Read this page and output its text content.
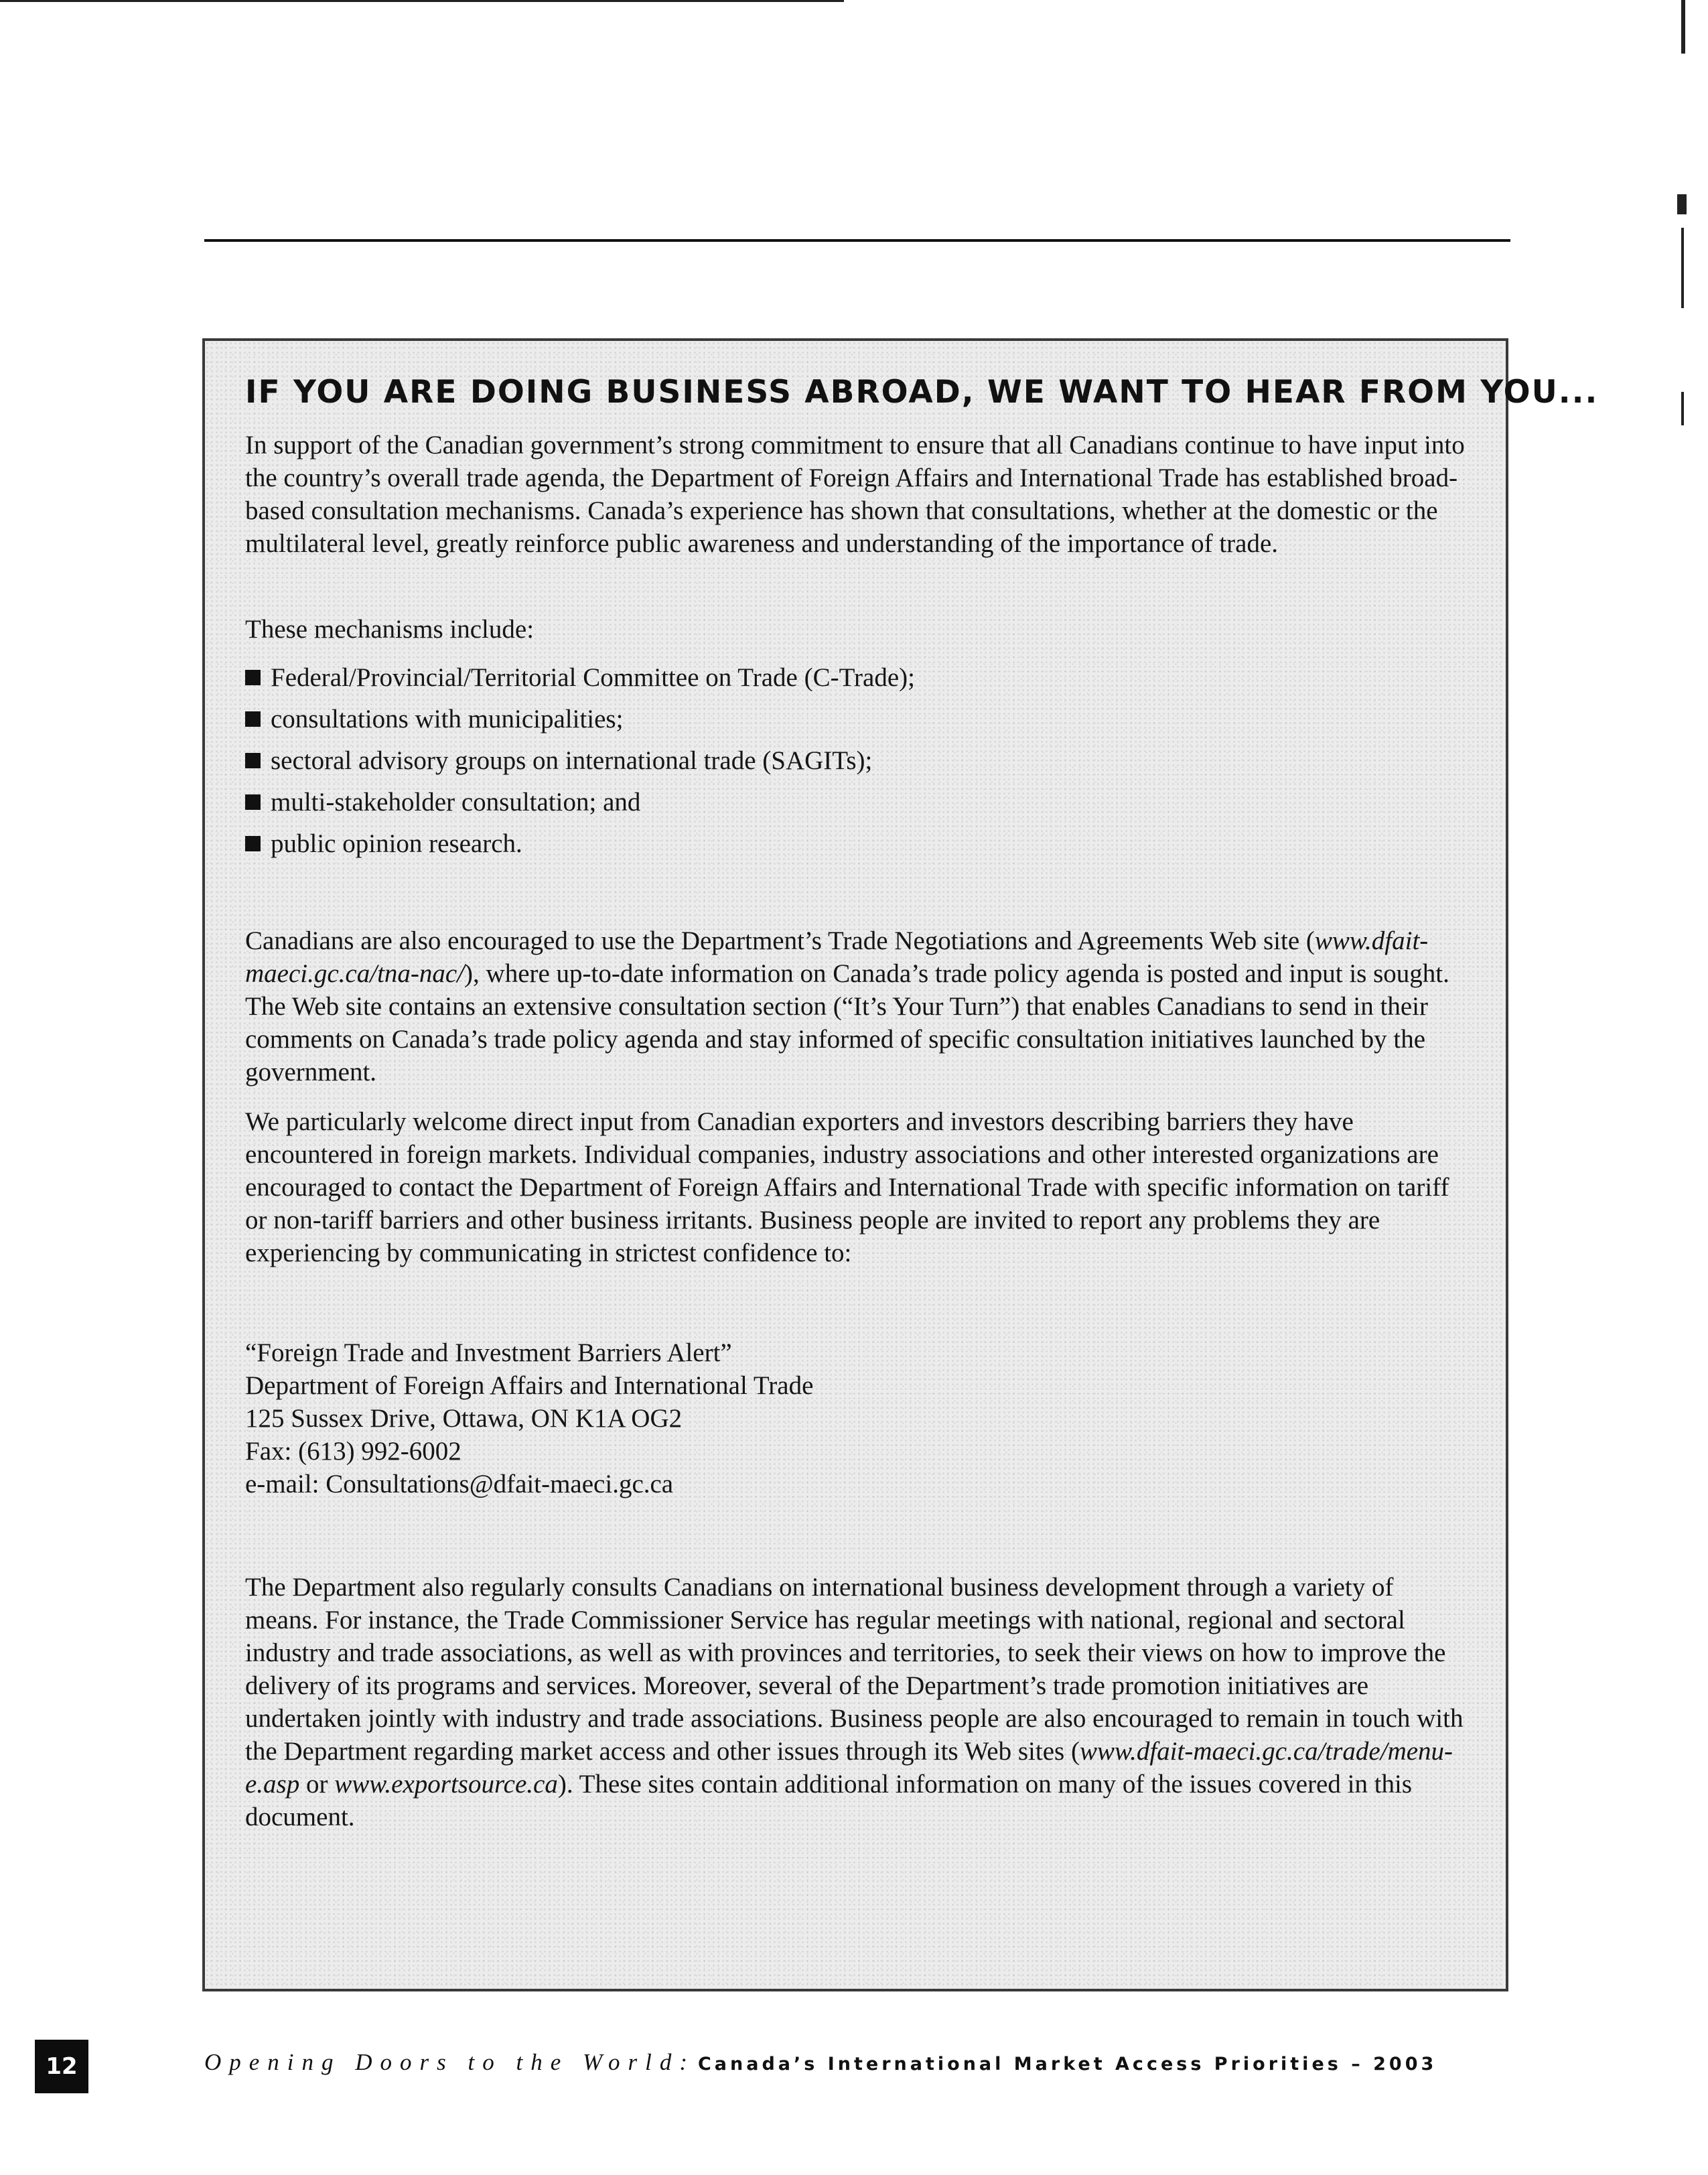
IF YOU ARE DOING BUSINESS ABROAD, WE WANT TO HEAR FROM YOU...

In support of the Canadian government’s strong commitment to ensure that all Canadians continue to have input into the country’s overall trade agenda, the Department of Foreign Affairs and International Trade has established broad-based consultation mechanisms. Canada’s experience has shown that consultations, whether at the domestic or the multilateral level, greatly reinforce public awareness and understanding of the importance of trade.

These mechanisms include:

Federal/Provincial/Territorial Committee on Trade (C-Trade);
consultations with municipalities;
sectoral advisory groups on international trade (SAGITs);
multi-stakeholder consultation; and
public opinion research.

Canadians are also encouraged to use the Department’s Trade Negotiations and Agreements Web site (www.dfait-maeci.gc.ca/tna-nac/), where up-to-date information on Canada’s trade policy agenda is posted and input is sought. The Web site contains an extensive consultation section (“It’s Your Turn”) that enables Canadians to send in their comments on Canada’s trade policy agenda and stay informed of specific consultation initiatives launched by the government.

We particularly welcome direct input from Canadian exporters and investors describing barriers they have encountered in foreign markets. Individual companies, industry associations and other interested organizations are encouraged to contact the Department of Foreign Affairs and International Trade with specific information on tariff or non-tariff barriers and other business irritants. Business people are invited to report any problems they are experiencing by communicating in strictest confidence to:

“Foreign Trade and Investment Barriers Alert”
Department of Foreign Affairs and International Trade
125 Sussex Drive, Ottawa, ON K1A OG2
Fax: (613) 992-6002
e-mail: Consultations@dfait-maeci.gc.ca

The Department also regularly consults Canadians on international business development through a variety of means. For instance, the Trade Commissioner Service has regular meetings with national, regional and sectoral industry and trade associations, as well as with provinces and territories, to seek their views on how to improve the delivery of its programs and services. Moreover, several of the Department’s trade promotion initiatives are undertaken jointly with industry and trade associations. Business people are also encouraged to remain in touch with the Department regarding market access and other issues through its Web sites (www.dfait-maeci.gc.ca/trade/menu-e.asp or www.exportsource.ca). These sites contain additional information on many of the issues covered in this document.

12	Opening Doors to the World: Canada’s International Market Access Priorities – 2003
